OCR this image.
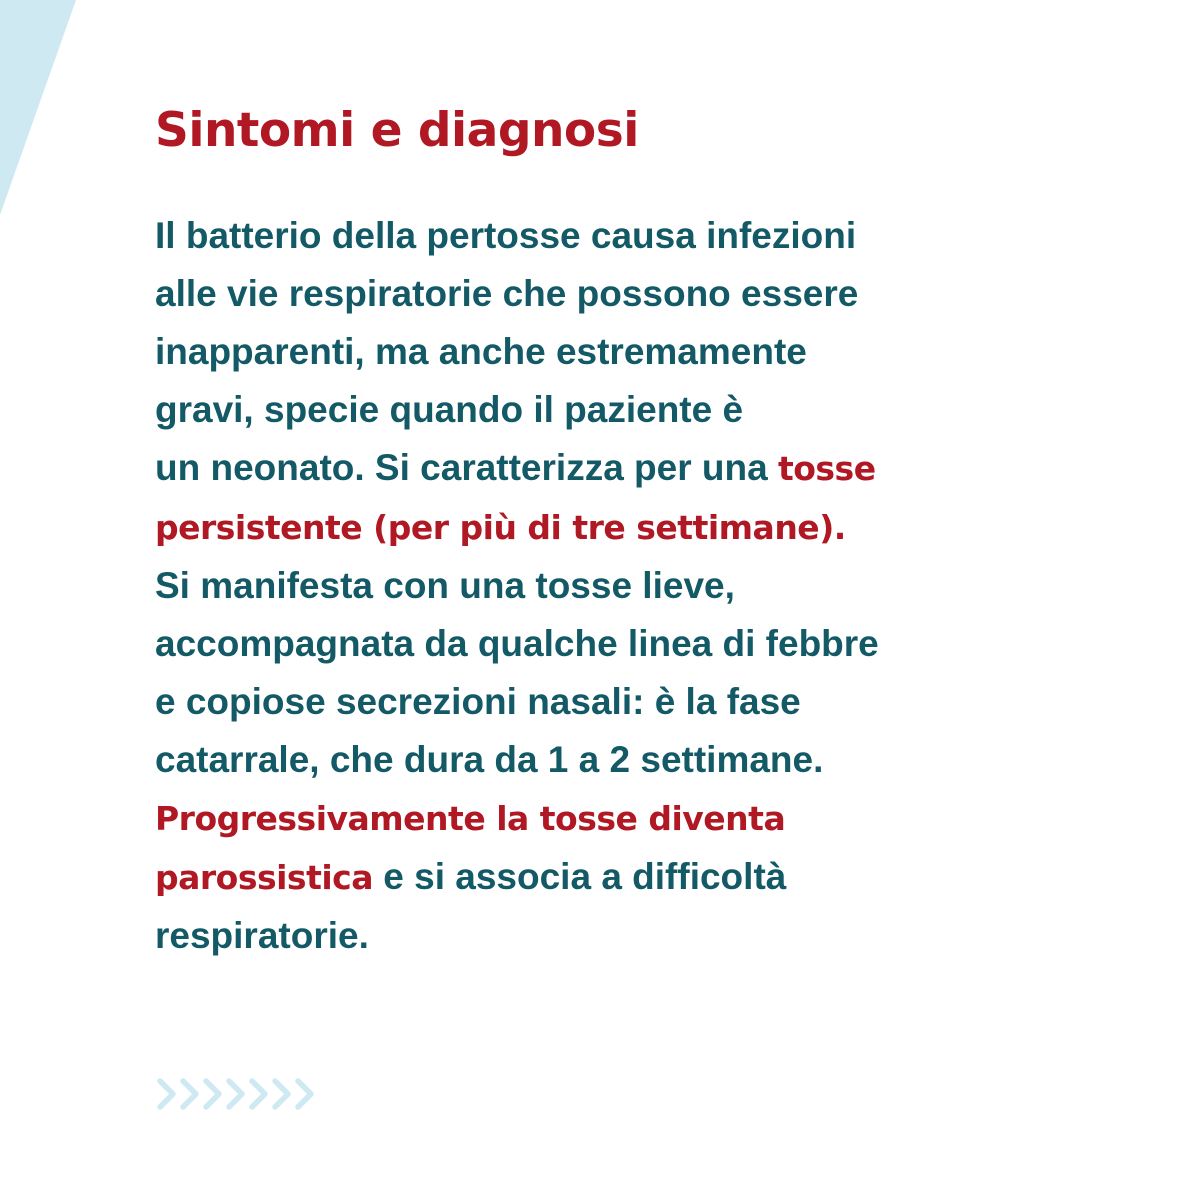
Sintomi e diagnosi

Il batterio della pertosse causa infezioni
alle vie respiratorie che possono essere
inapparenti, ma anche estremamente
gravi, specie quando il paziente è
un neonato. Si caratterizza per una tosse
persistente (per più di tre settimane).
Si manifesta con una tosse lieve,
accompagnata da qualche linea di febbre
e copiose secrezioni nasali: è la fase
catarrale, che dura da 1 a 2 settimane.
Progressivamente la tosse diventa
parossistica e si associa a difficoltà
respiratorie.
